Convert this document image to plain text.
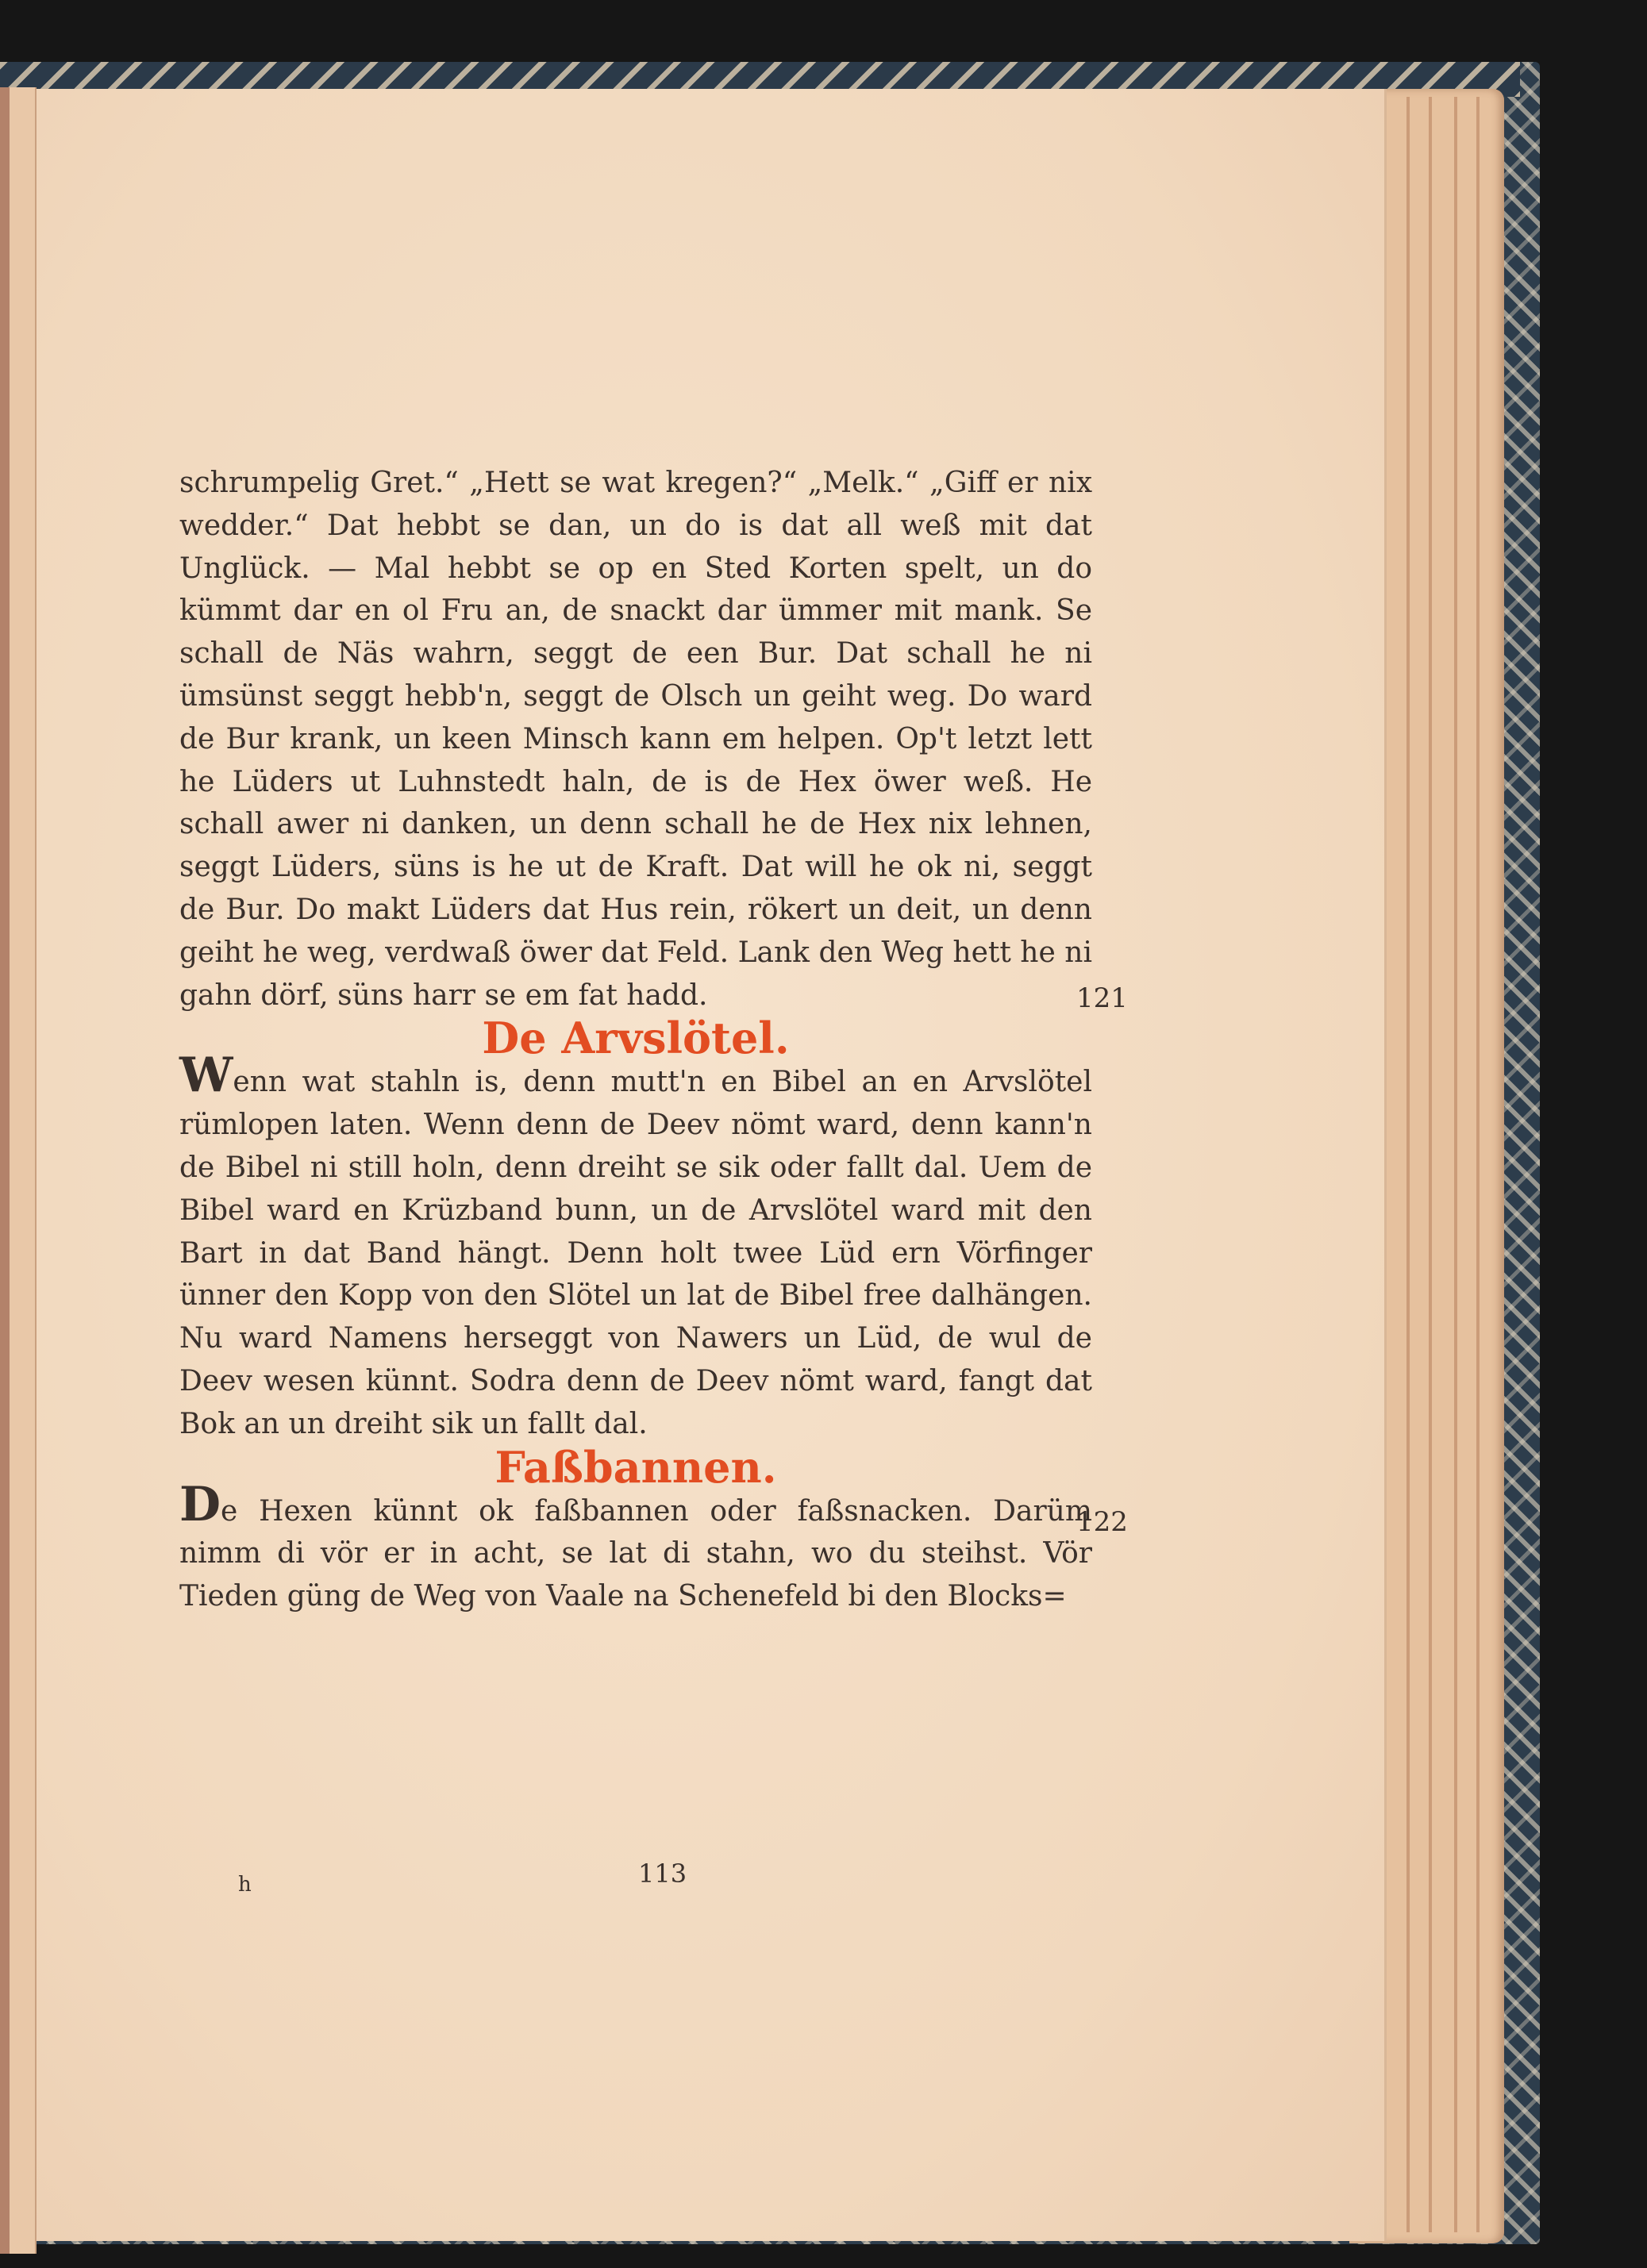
schrumpelig Gret.“ „Hett se wat kregen?“ „Melk.“ „Giff er nix wedder.“ Dat hebbt se dan, un do is dat all weß mit dat Unglück. — Mal hebbt se op en Sted Korten spelt, un do kümmt dar en ol Fru an, de snackt dar ümmer mit mank. Se schall de Näs wahrn, seggt de een Bur. Dat schall he ni ümsünst seggt hebb'n, seggt de Olsch un geiht weg. Do ward de Bur krank, un keen Minsch kann em helpen. Op't letzt lett he Lüders ut Luhnstedt haln, de is de Hex öwer weß. He schall awer ni danken, un denn schall he de Hex nix lehnen, seggt Lüders, süns is he ut de Kraft. Dat will he ok ni, seggt de Bur. Do makt Lüders dat Hus rein, rökert un deit, un denn geiht he weg, verdwaß öwer dat Feld. Lank den Weg hett he ni gahn dörf, süns harr se em fat hadd.

De Arvslötel.

Wenn wat stahln is, denn mutt'n en Bibel an en Arvslötel rümlopen laten. Wenn denn de Deev nömt ward, denn kann'n de Bibel ni still holn, denn dreiht se sik oder fallt dal. Uem de Bibel ward en Krüzband bunn, un de Arvslötel ward mit den Bart in dat Band hängt. Denn holt twee Lüd ern Vörfinger ünner den Kopp von den Slötel un lat de Bibel free dalhängen. Nu ward Namens herseggt von Nawers un Lüd, de wul de Deev wesen künnt. Sodra denn de Deev nömt ward, fangt dat Bok an un dreiht sik un fallt dal.

Faßbannen.

De Hexen künnt ok faßbannen oder faßsnacken. Darüm nimm di vör er in acht, se lat di stahn, wo du steihst. Vör Tieden güng de Weg von Vaale na Schenefeld bi den Blocks=

121
122
h	113
